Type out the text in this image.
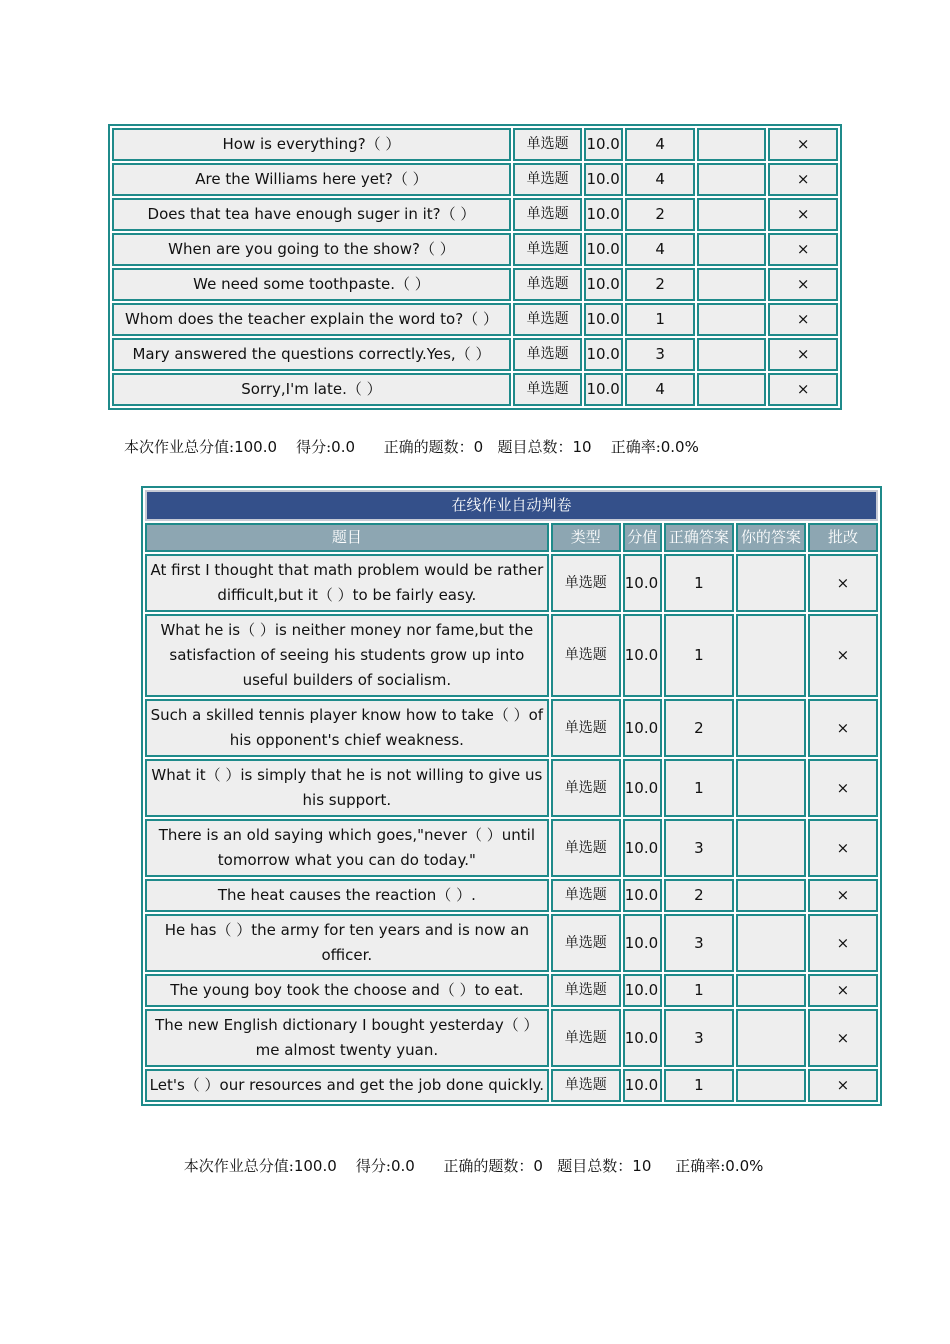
How is everything?（ ）	单选题	10.0	4		×
Are the Williams here yet?（ ）	单选题	10.0	4		×
Does that tea have enough suger in it?（ ）	单选题	10.0	2		×
When are you going to the show?（ ）	单选题	10.0	4		×
We need some toothpaste.（ ）	单选题	10.0	2		×
Whom does the teacher explain the word to?（ ）	单选题	10.0	1		×
Mary answered the questions correctly.Yes,（ ）	单选题	10.0	3		×
Sorry,I'm late.（ ）	单选题	10.0	4		×
本次作业总分值:100.0 得分:0.0 正确的题数：0 题目总数：10 正确率:0.0%
在线作业自动判卷					
题目	类型	分值	正确答案	你的答案	批改
At first I thought that math problem would be rather difficult,but it（ ）to be fairly easy.	单选题	10.0	1		×
What he is（ ）is neither money nor fame,but the satisfaction of seeing his students grow up into useful builders of socialism.	单选题	10.0	1		×
Such a skilled tennis player know how to take（ ）of his opponent's chief weakness.	单选题	10.0	2		×
What it（ ）is simply that he is not willing to give us his support.	单选题	10.0	1		×
There is an old saying which goes,"never（ ）until tomorrow what you can do today."	单选题	10.0	3		×
The heat causes the reaction（ ）.	单选题	10.0	2		×
He has（ ）the army for ten years and is now an officer.	单选题	10.0	3		×
The young boy took the choose and（ ）to eat.	单选题	10.0	1		×
The new English dictionary I bought yesterday（ ）me almost twenty yuan.	单选题	10.0	3		×
Let's（ ）our resources and get the job done quickly.	单选题	10.0	1		×
本次作业总分值:100.0 得分:0.0 正确的题数：0 题目总数：10 正确率:0.0%
